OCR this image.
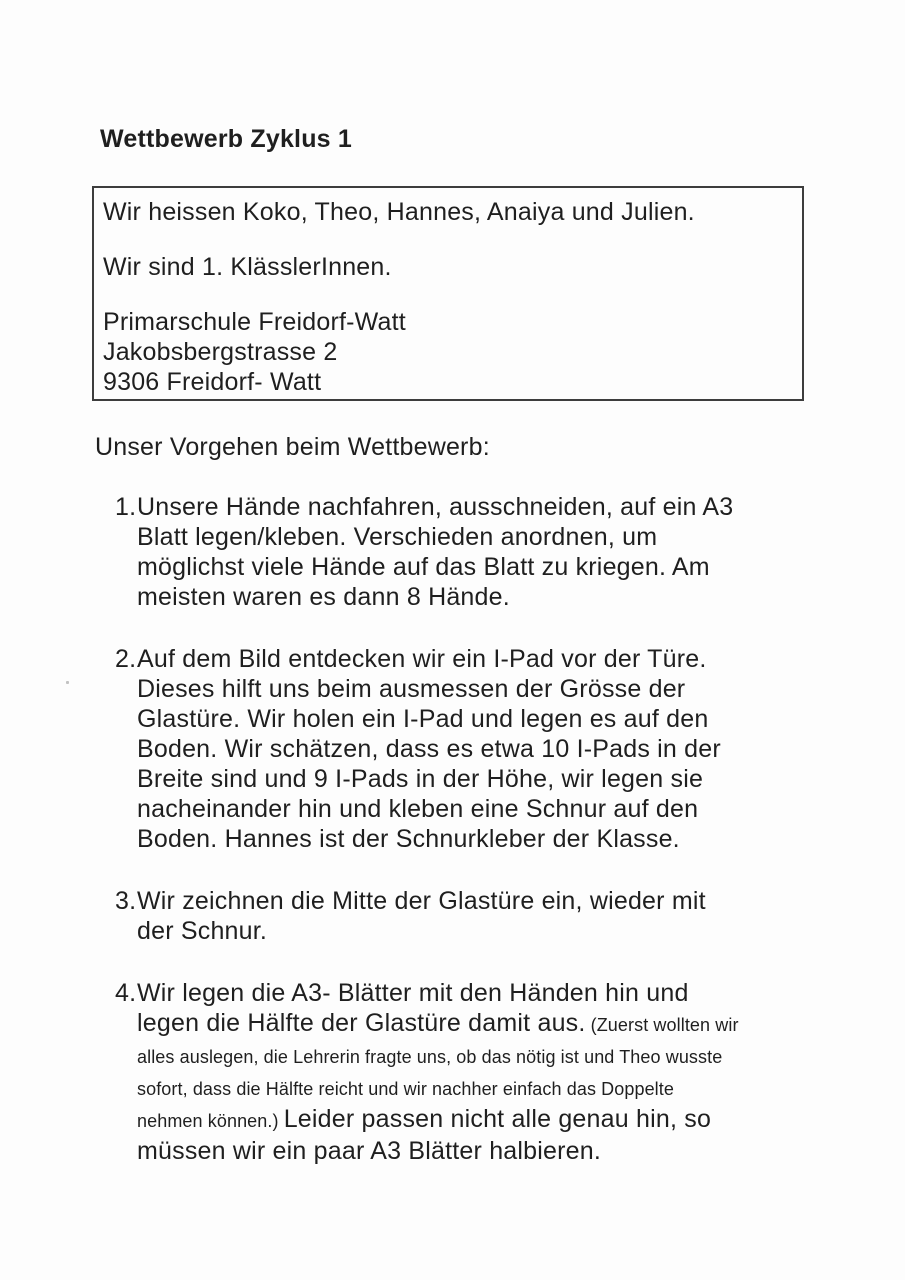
Wettbewerb Zyklus 1

Wir heissen Koko, Theo, Hannes, Anaiya und Julien.

Wir sind 1. KlässlerInnen.

Primarschule Freidorf-Watt
Jakobsbergstrasse 2
9306 Freidorf- Watt

Unser Vorgehen beim Wettbewerb:

1. Unsere Hände nachfahren, ausschneiden, auf ein A3 Blatt legen/kleben. Verschieden anordnen, um möglichst viele Hände auf das Blatt zu kriegen. Am meisten waren es dann 8 Hände.
2. Auf dem Bild entdecken wir ein I-Pad vor der Türe. Dieses hilft uns beim ausmessen der Grösse der Glastüre. Wir holen ein I-Pad und legen es auf den Boden. Wir schätzen, dass es etwa 10 I-Pads in der Breite sind und 9 I-Pads in der Höhe, wir legen sie nacheinander hin und kleben eine Schnur auf den Boden. Hannes ist der Schnurkleber der Klasse.
3. Wir zeichnen die Mitte der Glastüre ein, wieder mit der Schnur.
4. Wir legen die A3- Blätter mit den Händen hin und legen die Hälfte der Glastüre damit aus. (Zuerst wollten wir alles auslegen, die Lehrerin fragte uns, ob das nötig ist und Theo wusste sofort, dass die Hälfte reicht und wir nachher einfach das Doppelte nehmen können.) Leider passen nicht alle genau hin, so müssen wir ein paar A3 Blätter halbieren.
